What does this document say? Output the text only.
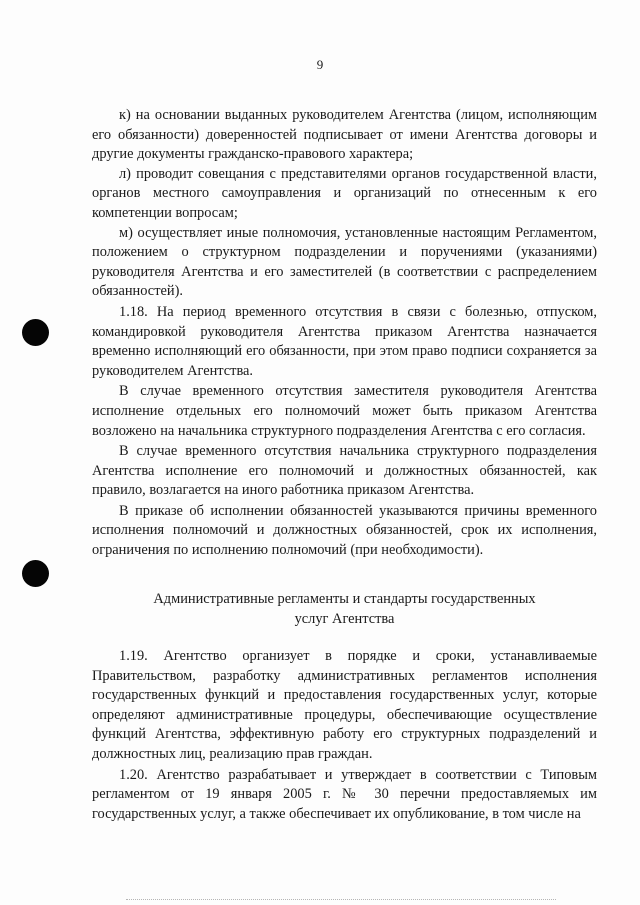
9

к) на основании выданных руководителем Агентства (лицом, исполняющим его обязанности) доверенностей подписывает от имени Агентства договоры и другие документы гражданско-правового характера;

л) проводит совещания с представителями органов государственной власти, органов местного самоуправления и организаций по отнесенным к его компетенции вопросам;

м) осуществляет иные полномочия, установленные настоящим Регламентом, положением о структурном подразделении и поручениями (указаниями) руководителя Агентства и его заместителей (в соответствии с распределением обязанностей).

1.18. На период временного отсутствия в связи с болезнью, отпуском, командировкой руководителя Агентства приказом Агентства назначается временно исполняющий его обязанности, при этом право подписи сохраняется за руководителем Агентства.

В случае временного отсутствия заместителя руководителя Агентства исполнение отдельных его полномочий может быть приказом Агентства возложено на начальника структурного подразделения Агентства с его согласия.

В случае временного отсутствия начальника структурного подразделения Агентства исполнение его полномочий и должностных обязанностей, как правило, возлагается на иного работника приказом Агентства.

В приказе об исполнении обязанностей указываются причины временного исполнения полномочий и должностных обязанностей, срок их исполнения, ограничения по исполнению полномочий (при необходимости).

Административные регламенты и стандарты государственных
услуг Агентства

1.19. Агентство организует в порядке и сроки, устанавливаемые Правительством, разработку административных регламентов исполнения государственных функций и предоставления государственных услуг, которые определяют административные процедуры, обеспечивающие осуществление функций Агентства, эффективную работу его структурных подразделений и должностных лиц, реализацию прав граждан.

1.20. Агентство разрабатывает и утверждает в соответствии с Типовым регламентом от 19 января 2005 г. № 30 перечни предоставляемых им государственных услуг, а также обеспечивает их опубликование, в том числе на
